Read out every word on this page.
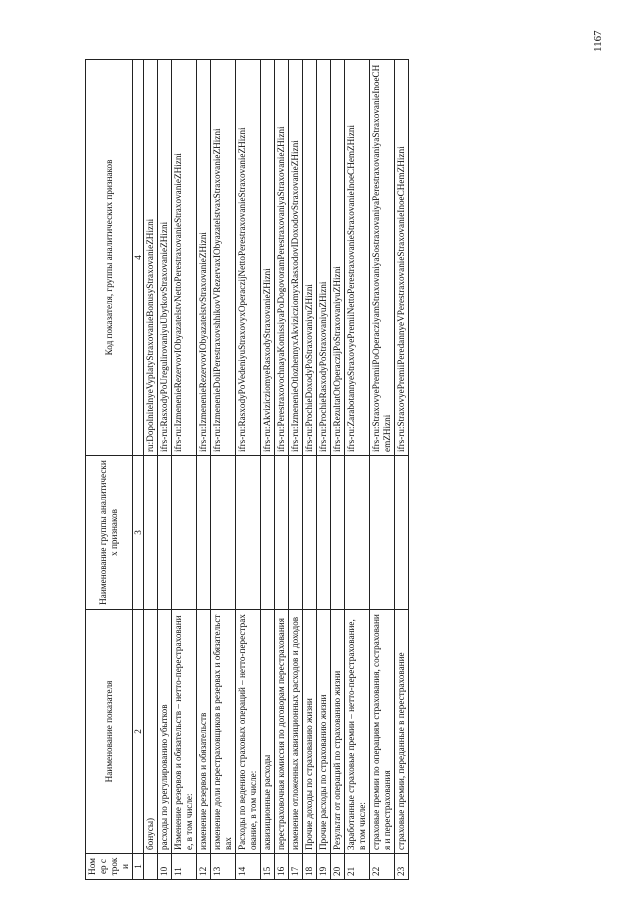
Номер строки	Наименование показателя	Наименование группы аналитических признаков	Код показателя, группы аналитических признаков
1	2	3	4
	бонусы)		ru:DopolnitelnyeVyplatyStraxovanieBonusyStraxovanieZHizni
10	расходы по урегулированию убытков		ifrs-ru:RasxodyPoUregulirovaniyuUbytkovStraxovanieZHizni
11	Изменение резервов и обязательств – нетто-перестрахование, в том числе:		ifrs-ru:IzmenenieRezervovIObyazatelstvNettoPerestraxovanieStraxovanieZHizni
12	изменение резервов и обязательств		ifrs-ru:IzmenenieRezervovIObyazatelstvStraxovanieZHizni
13	изменение доли перестраховщиков в резервах и обязательствах		ifrs-ru:IzmenenieDoliPerestraxovshhikovVRezervaxIObyazatelstvaxStraxovanieZHizni
14	Расходы по ведению страховых операций – нетто-перестрахование, в том числе:		ifrs-ru:RasxodyPoVedeniyuStraxovyxOperaczijNettoPerestraxovanieStraxovanieZHizni
15	аквизиционные расходы		ifrs-ru:AkvizicziomyeRasxodyStraxovanieZHizni
16	перестраховочная комиссия по договорам перестрахования		ifrs-ru:PerestraxovochnayaKomissiyaPoDogovoramPerestraxovaniyaStraxovanieZHizni
17	изменение отложенных аквизиционных расходов и доходов		ifrs-ru:IzmenenieOtlozhennyxAkvizicziomyxRasxodovIDoxodovStraxovanieZHizni
18	Прочие доходы по страхованию жизни		ifrs-ru:ProchieDoxodyPoStraxovaniyuZHizni
19	Прочие расходы по страхованию жизни		ifrs-ru:ProchieRasxodyPoStraxovaniyuZHizni
20	Результат от операций по страхованию жизни		ifrs-ru:RezultatOtOperaczijPoStraxovaniyuZHizni
21	Заработанные страховые премии – нетто-перестрахование, в том числе:		ifrs-ru:ZarabotannyeStraxovyePremiiNettoPerestraxovanieStraxovanieInoeCHemZHizni
22	страховые премии по операциям страхования, сострахования и перестрахования		ifrs-ru:StraxovyePremiiPoOperacziyamStraxovaniyaSostraxovaniyaPerestraxovaniyaStraxovanieInoeCHemZHizni
23	страховые премии, переданные в перестрахование		ifrs-ru:StraxovyePremiiPeredannyeVPerestraxovanieStraxovanieInoeCHemZHizni
1167
